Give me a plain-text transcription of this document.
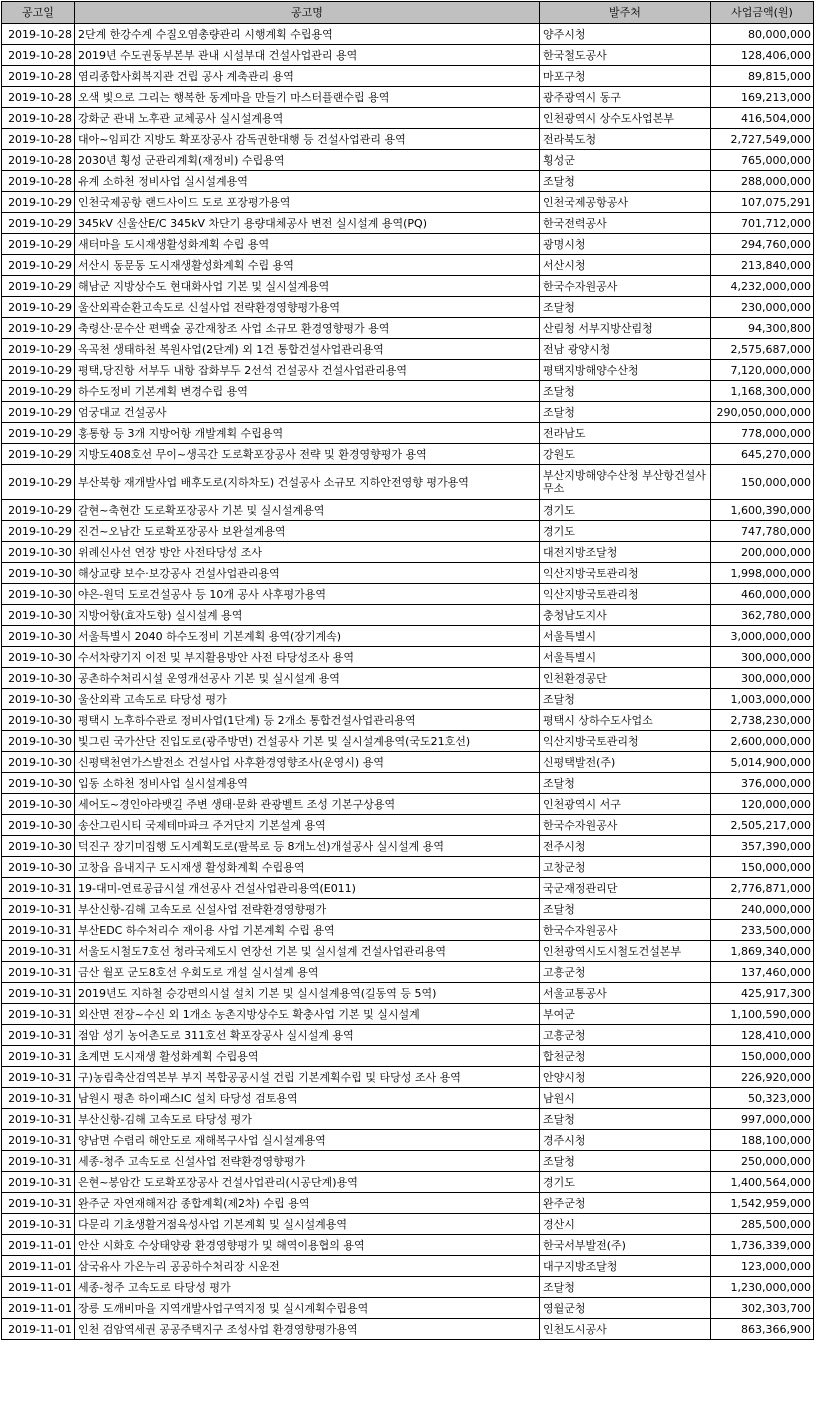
공고일	공고명	발주처	사업금액(원)
2019-10-28	2단계 한강수계 수질오염총량관리 시행계획 수립용역	양주시청	80,000,000
2019-10-28	2019년 수도권동부본부 관내 시설부대 건설사업관리 용역	한국철도공사	128,406,000
2019-10-28	염리종합사회복지관 건립 공사 계축관리 용역	마포구청	89,815,000
2019-10-28	오색 빛으로 그리는 행복한 동계마을 만들기 마스터플랜수립 용역	광주광역시 동구	169,213,000
2019-10-28	강화군 관내 노후관 교체공사 실시설계용역	인천광역시 상수도사업본부	416,504,000
2019-10-28	대아~임피간 지방도 확포장공사 감독권한대행 등 건설사업관리 용역	전라북도청	2,727,549,000
2019-10-28	2030년 횡성 군관리계획(재정비) 수립용역	횡성군	765,000,000
2019-10-28	유계 소하천 정비사업 실시설계용역	조달청	288,000,000
2019-10-29	인천국제공항 랜드사이드 도로 포장평가용역	인천국제공항공사	107,075,291
2019-10-29	345kV 신울산E/C 345kV 차단기 용량대체공사 변전 실시설계 용역(PQ)	한국전력공사	701,712,000
2019-10-29	새터마을 도시재생활성화계획 수립 용역	광명시청	294,760,000
2019-10-29	서산시 동문동 도시재생활성화계획 수립 용역	서산시청	213,840,000
2019-10-29	해남군 지방상수도 현대화사업 기본 및 실시설계용역	한국수자원공사	4,232,000,000
2019-10-29	울산외곽순환고속도로 신설사업 전략환경영향평가용역	조달청	230,000,000
2019-10-29	축령산·문수산 편백숲 공간재창조 사업 소규모 환경영향평가 용역	산림청 서부지방산림청	94,300,800
2019-10-29	옥곡천 생태하천 복원사업(2단계) 외 1건 통합건설사업관리용역	전남 광양시청	2,575,687,000
2019-10-29	평택,당진항 서부두 내항 잡화부두 2선석 건설공사 건설사업관리용역	평택지방해양수산청	7,120,000,000
2019-10-29	하수도정비 기본계획 변경수립 용역	조달청	1,168,300,000
2019-10-29	엄궁대교 건설공사	조달청	290,050,000,000
2019-10-29	홍통항 등 3개 지방어항 개발계획 수립용역	전라남도	778,000,000
2019-10-29	지방도408호선 무이~생곡간 도로확포장공사 전략 및 환경영향평가 용역	강원도	645,270,000
2019-10-29	부산북항 재개발사업 배후도로(지하차도) 건설공사 소규모 지하안전영향 평가용역	부산지방해양수산청 부산항건설사무소	150,000,000
2019-10-29	갈현~축현간 도로확포장공사 기본 및 실시설계용역	경기도	1,600,390,000
2019-10-29	진건~오남간 도로확포장공사 보완설계용역	경기도	747,780,000
2019-10-30	위례신사선 연장 방안 사전타당성 조사	대전지방조달청	200,000,000
2019-10-30	해상교량 보수·보강공사 건설사업관리용역	익산지방국토관리청	1,998,000,000
2019-10-30	야은-원덕 도로건설공사 등 10개 공사 사후평가용역	익산지방국토관리청	460,000,000
2019-10-30	지방어항(효자도항) 실시설계 용역	충청남도지사	362,780,000
2019-10-30	서울특별시 2040 하수도정비 기본계획 용역(장기계속)	서울특별시	3,000,000,000
2019-10-30	수서차량기지 이전 및 부지활용방안 사전 타당성조사 용역	서울특별시	300,000,000
2019-10-30	공촌하수처리시설 운영개선공사 기본 및 실시설계 용역	인천환경공단	300,000,000
2019-10-30	울산외곽 고속도로 타당성 평가	조달청	1,003,000,000
2019-10-30	평택시 노후하수관로 정비사업(1단계) 등 2개소 통합건설사업관리용역	평택시 상하수도사업소	2,738,230,000
2019-10-30	빛그린 국가산단 진입도로(광주방면) 건설공사 기본 및 실시설계용역(국도21호선)	익산지방국토관리청	2,600,000,000
2019-10-30	신평택천연가스발전소 건설사업 사후환경영향조사(운영시) 용역	신평택발전(주)	5,014,900,000
2019-10-30	입동 소하천 정비사업 실시설계용역	조달청	376,000,000
2019-10-30	세어도~경인아라뱃길 주변 생태·문화 관광벨트 조성 기본구상용역	인천광역시 서구	120,000,000
2019-10-30	송산그린시티 국제테마파크 주거단지 기본설계 용역	한국수자원공사	2,505,217,000
2019-10-30	덕진구 장기미집행 도시계획도로(팔복로 등 8개노선)개설공사 실시설계 용역	전주시청	357,390,000
2019-10-30	고창읍 읍내지구 도시재생 활성화계획 수립용역	고창군청	150,000,000
2019-10-31	19-대미-연료공급시설 개선공사 건설사업관리용역(E011)	국군재정관리단	2,776,871,000
2019-10-31	부산신항-김해 고속도로 신설사업 전략환경영향평가	조달청	240,000,000
2019-10-31	부산EDC 하수처리수 재이용 사업 기본계획 수립 용역	한국수자원공사	233,500,000
2019-10-31	서울도시철도7호선 청라국제도시 연장선 기본 및 실시설계 건설사업관리용역	인천광역시도시철도건설본부	1,869,340,000
2019-10-31	금산 월포 군도8호선 우회도로 개설 실시설계 용역	고흥군청	137,460,000
2019-10-31	2019년도 지하철 승강편의시설 설치 기본 및 실시설계용역(길동역 등 5역)	서울교통공사	425,917,300
2019-10-31	외산면 전장~수신 외 1개소 농촌지방상수도 확충사업 기본 및 실시설계	부여군	1,100,590,000
2019-10-31	점암 성기 농어촌도로 311호선 확포장공사 실시설계 용역	고흥군청	128,410,000
2019-10-31	초계면 도시재생 활성화계획 수립용역	합천군청	150,000,000
2019-10-31	구)농림축산검역본부 부지 복합공공시설 건립 기본계획수립 및 타당성 조사 용역	안양시청	226,920,000
2019-10-31	남원시 평촌 하이패스IC 설치 타당성 검토용역	남원시	50,323,000
2019-10-31	부산신항-김해 고속도로 타당성 평가	조달청	997,000,000
2019-10-31	양남면 수렴리 해안도로 재해복구사업 실시설계용역	경주시청	188,100,000
2019-10-31	세종-청주 고속도로 신설사업 전략환경영향평가	조달청	250,000,000
2019-10-31	은현~봉암간 도로확포장공사 건설사업관리(시공단계)용역	경기도	1,400,564,000
2019-10-31	완주군 자연재해저감 종합계획(제2차) 수립 용역	완주군청	1,542,959,000
2019-10-31	다문리 기초생활거점육성사업 기본계획 및 실시설계용역	경산시	285,500,000
2019-11-01	안산 시화호 수상태양광 환경영향평가 및 해역이용협의 용역	한국서부발전(주)	1,736,339,000
2019-11-01	삼국유사 가온누리 공공하수처리장 시운전	대구지방조달청	123,000,000
2019-11-01	세종-청주 고속도로 타당성 평가	조달청	1,230,000,000
2019-11-01	장릉 도깨비마을 지역개발사업구역지정 및 실시계획수립용역	영월군청	302,303,700
2019-11-01	인천 검암역세권 공공주택지구 조성사업 환경영향평가용역	인천도시공사	863,366,900
